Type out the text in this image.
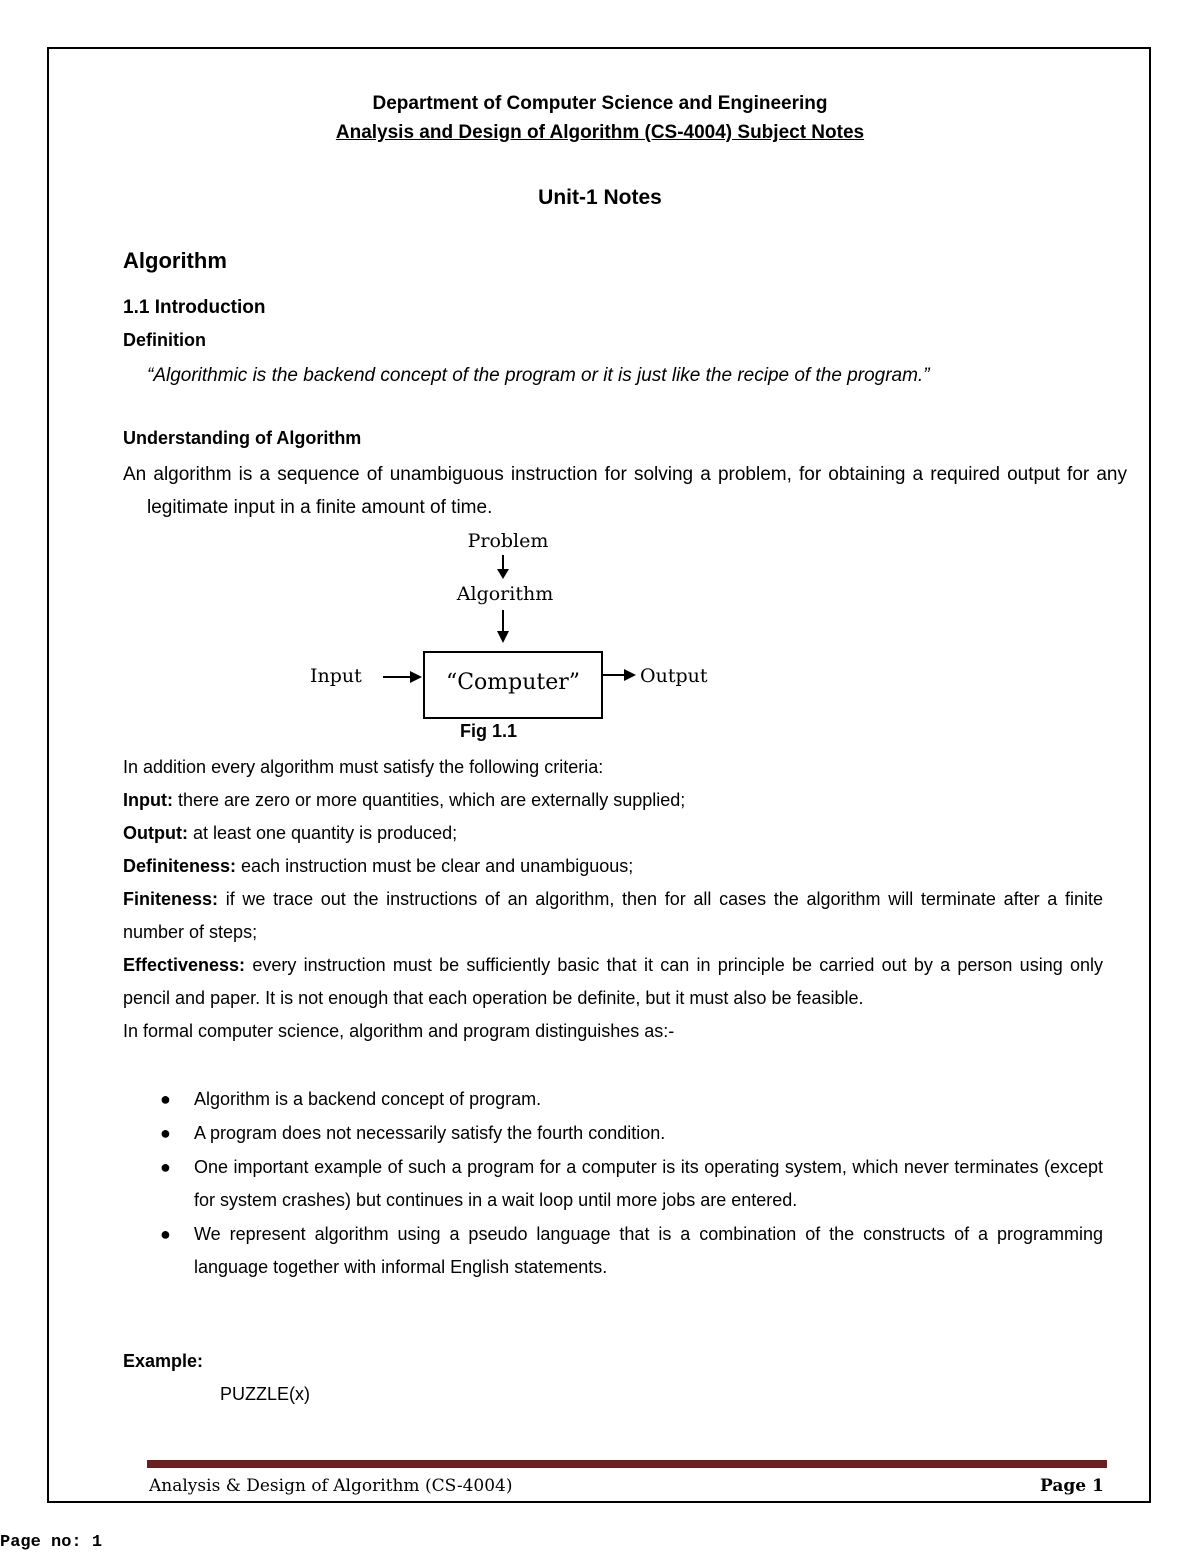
Department of Computer Science and Engineering
Analysis and Design of Algorithm (CS-4004) Subject Notes
Unit-1 Notes
Algorithm
1.1 Introduction
Definition
“Algorithmic is the backend concept of the program or it is just like the recipe of the program.”
Understanding of Algorithm
An algorithm is a sequence of unambiguous instruction for solving a problem, for obtaining a required output for any legitimate input in a finite amount of time.
Problem
Algorithm
Input	“Computer”	Output
Fig 1.1
In addition every algorithm must satisfy the following criteria:
Input: there are zero or more quantities, which are externally supplied;
Output: at least one quantity is produced;
Definiteness: each instruction must be clear and unambiguous;
Finiteness: if we trace out the instructions of an algorithm, then for all cases the algorithm will terminate after a finite number of steps;
Effectiveness: every instruction must be sufficiently basic that it can in principle be carried out by a person using only pencil and paper. It is not enough that each operation be definite, but it must also be feasible.
In formal computer science, algorithm and program distinguishes as:-
● Algorithm is a backend concept of program.
● A program does not necessarily satisfy the fourth condition.
● One important example of such a program for a computer is its operating system, which never terminates (except for system crashes) but continues in a wait loop until more jobs are entered.
● We represent algorithm using a pseudo language that is a combination of the constructs of a programming language together with informal English statements.
Example:
PUZZLE(x)
Analysis & Design of Algorithm (CS-4004)	Page 1
Page no: 1
